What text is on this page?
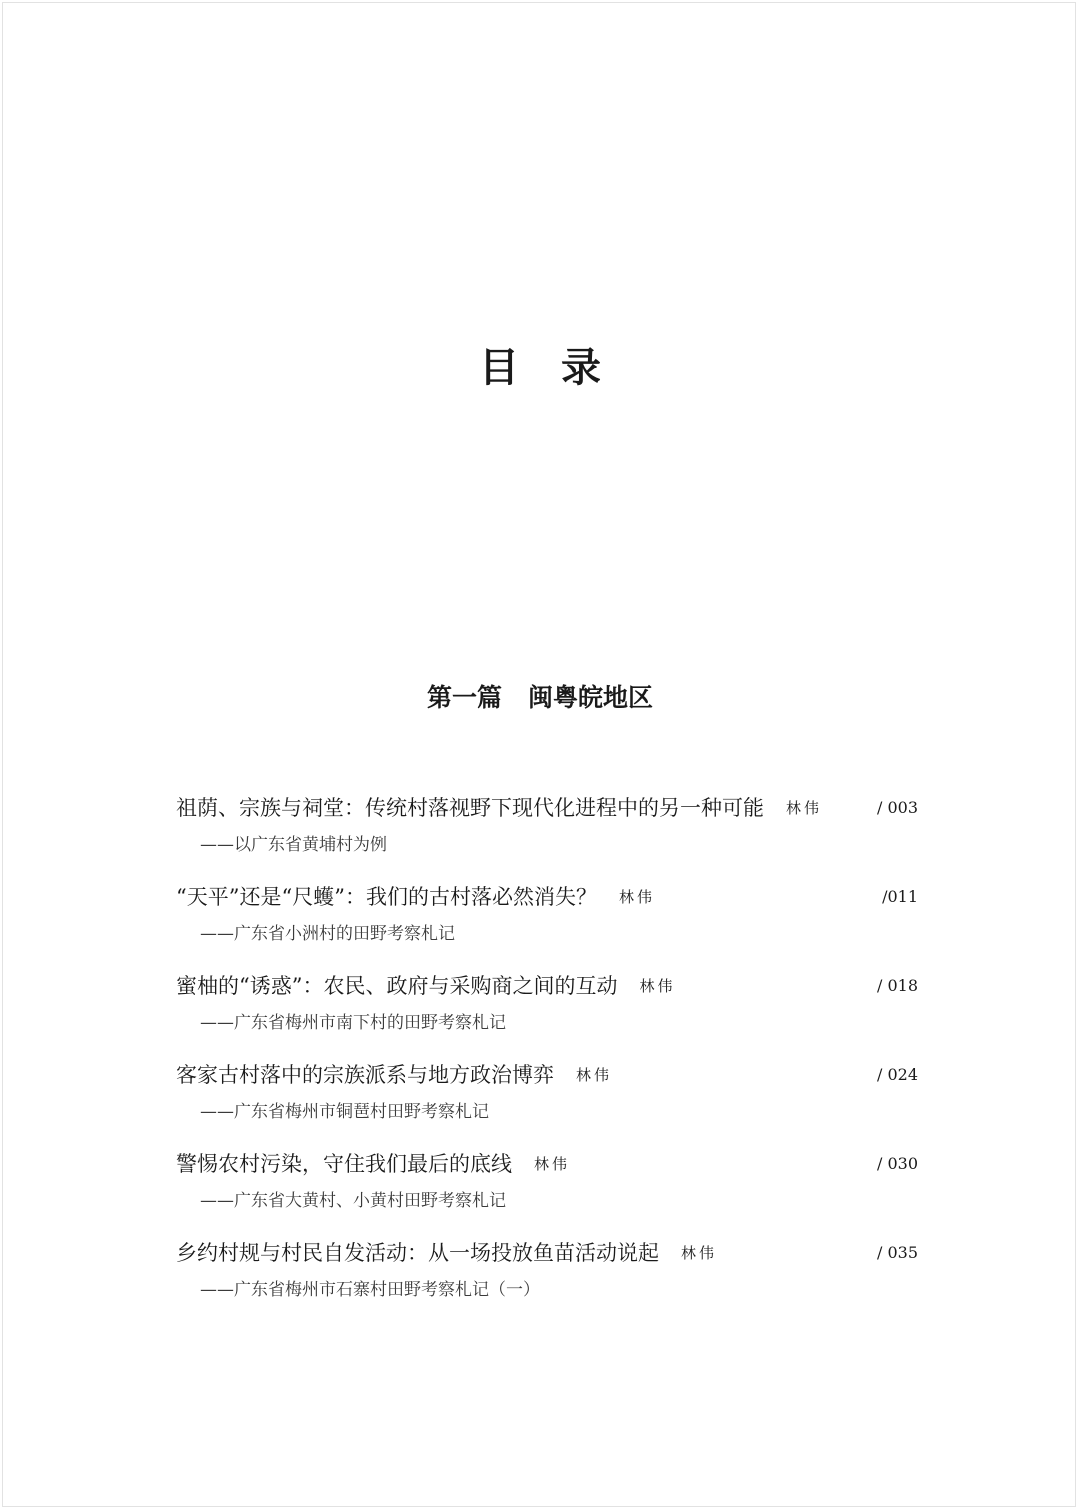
目录
第一篇 闽粤皖地区
祖荫、宗族与祠堂：传统村落视野下现代化进程中的另一种可能 林伟	/ 003
——以广东省黄埔村为例
“天平”还是“尺蠖”：我们的古村落必然消失？ 林伟	/011
——广东省小洲村的田野考察札记
蜜柚的“诱惑”：农民、政府与采购商之间的互动 林伟	/ 018
——广东省梅州市南下村的田野考察札记
客家古村落中的宗族派系与地方政治博弈 林伟	/ 024
——广东省梅州市铜琶村田野考察札记
警惕农村污染，守住我们最后的底线 林伟	/ 030
——广东省大黄村、小黄村田野考察札记
乡约村规与村民自发活动：从一场投放鱼苗活动说起 林伟	/ 035
——广东省梅州市石寨村田野考察札记（一）
